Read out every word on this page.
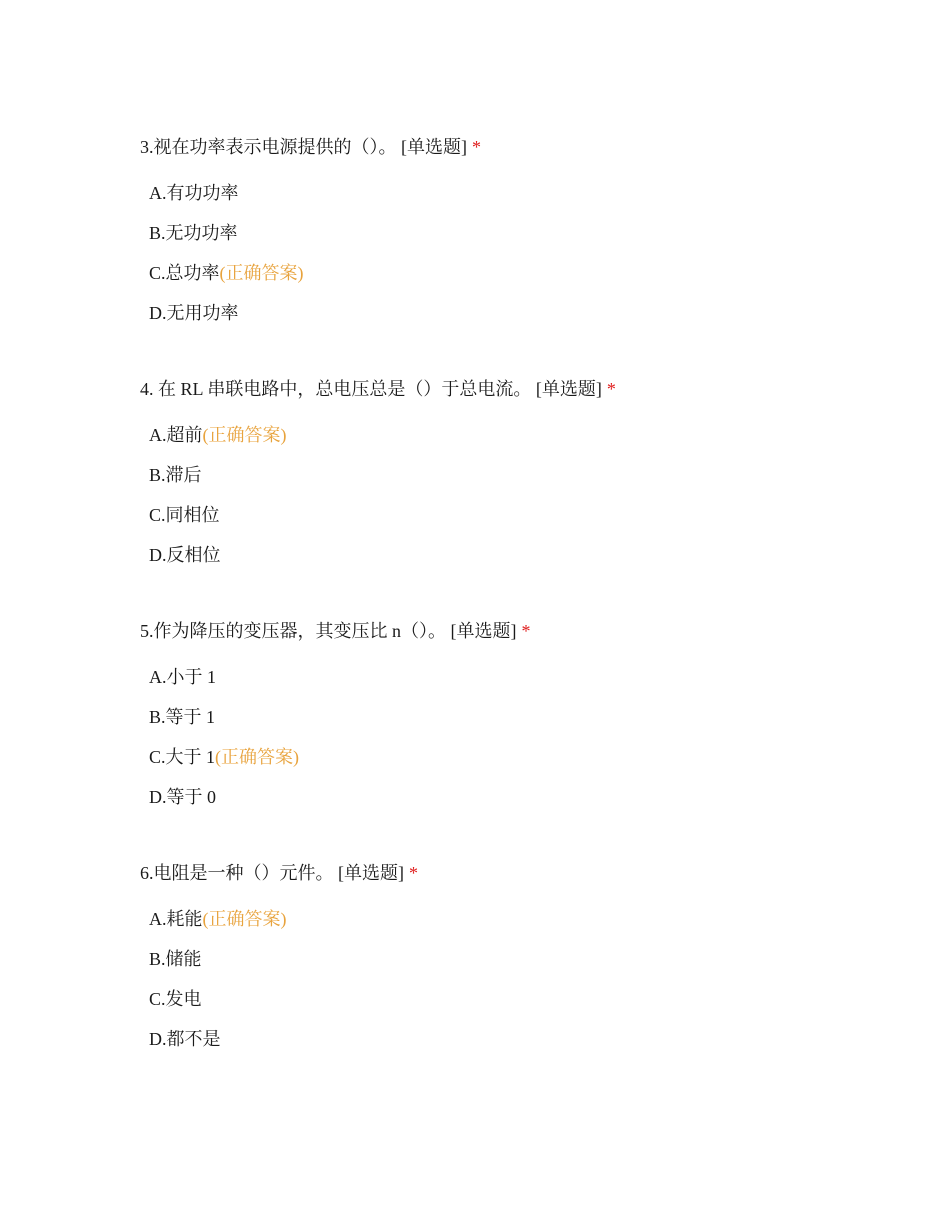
3.视在功率表示电源提供的（）。 [单选题] *
A.有功功率
B.无功功率
C.总功率(正确答案)
D.无用功率
4. 在 RL 串联电路中，总电压总是（）于总电流。 [单选题] *
A.超前(正确答案)
B.滞后
C.同相位
D.反相位
5.作为降压的变压器，其变压比 n（）。 [单选题] *
A.小于 1
B.等于 1
C.大于 1(正确答案)
D.等于 0
6.电阻是一种（）元件。 [单选题] *
A.耗能(正确答案)
B.储能
C.发电
D.都不是
